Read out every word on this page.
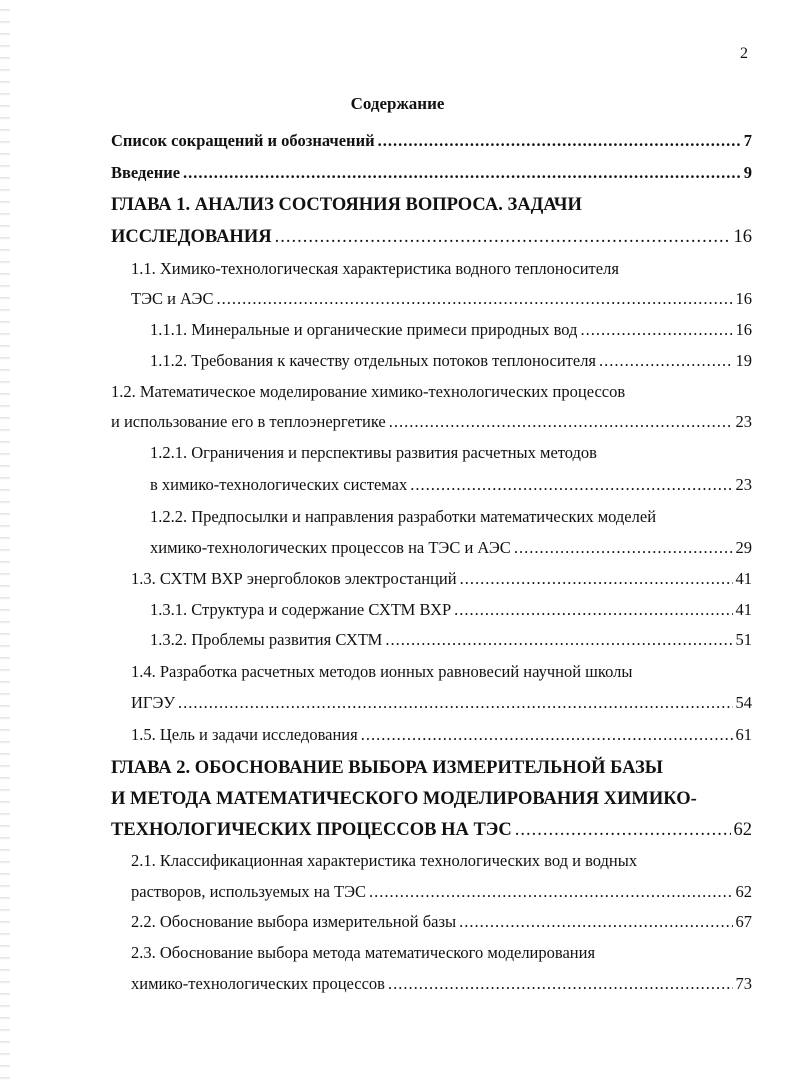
2
Содержание
Список сокращений и обозначений .....	7
Введение .....	9
ГЛАВА 1. АНАЛИЗ СОСТОЯНИЯ ВОПРОСА. ЗАДАЧИ
ИССЛЕДОВАНИЯ .....	16
1.1. Химико-технологическая характеристика водного теплоносителя
ТЭС и АЭС .....	16
1.1.1. Минеральные и органические примеси природных вод .....	16
1.1.2. Требования к качеству отдельных потоков теплоносителя .....	19
1.2. Математическое моделирование химико-технологических процессов
и использование его в теплоэнергетике .....	23
1.2.1. Ограничения и перспективы развития расчетных методов
в химико-технологических системах .....	23
1.2.2. Предпосылки и направления разработки математических моделей
химико-технологических процессов на ТЭС и АЭС .....	29
1.3. СХТМ ВХР энергоблоков электростанций .....	41
1.3.1. Структура и содержание СХТМ ВХР .....	41
1.3.2. Проблемы развития СХТМ .....	51
1.4. Разработка расчетных методов ионных равновесий научной школы
ИГЭУ .....	54
1.5. Цель и задачи исследования .....	61
ГЛАВА 2. ОБОСНОВАНИЕ ВЫБОРА ИЗМЕРИТЕЛЬНОЙ БАЗЫ
И МЕТОДА МАТЕМАТИЧЕСКОГО МОДЕЛИРОВАНИЯ ХИМИКО-
ТЕХНОЛОГИЧЕСКИХ ПРОЦЕССОВ НА ТЭС .....	62
2.1. Классификационная характеристика технологических вод и водных
растворов, используемых на ТЭС .....	62
2.2. Обоснование выбора измерительной базы .....	67
2.3. Обоснование выбора метода математического моделирования
химико-технологических процессов .....	73
